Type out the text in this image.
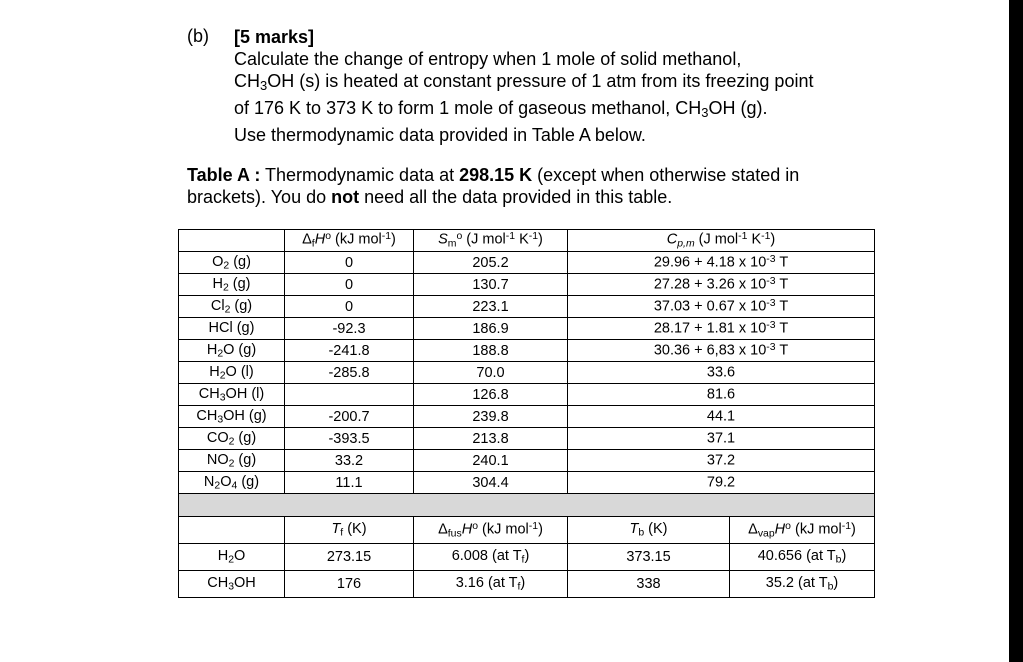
(b) [5 marks]
Calculate the change of entropy when 1 mole of solid methanol,
$CH_3OH$ (s) is heated at constant pressure of 1 atm from its freezing point
of 176 K to 373 K to form 1 mole of gaseous methanol, $CH_3OH$ (g).
Use thermodynamic data provided in Table A below.
Table A : Thermodynamic data at 298.15 K (except when otherwise stated in
brackets). You do not need all the data provided in this table.
	$\Delta_fH^o$ (kJ mol$^{-1}$)	$S_m^o$ (J mol$^{-1}$ $K^{-1}$)	$C_{p,m}$ (J mol$^{-1}$ $K^{-1}$)	
$O_2$ (g)	0	205.2	29.96 + 4.18 x $10^{-3}$ T	
$H_2$ (g)	0	130.7	27.28 + 3.26 x $10^{-3}$ T	
$Cl_2$ (g)	0	223.1	37.03 + 0.67 x $10^{-3}$ T	
HCl (g)	-92.3	186.9	28.17 + 1.81 x $10^{-3}$ T	
$H_2O$ (g)	-241.8	188.8	30.36 + 6,83 x $10^{-3}$ T	
$H_2O$ (l)	-285.8	70.0	33.6	
$CH_3OH$ (l)		126.8	81.6	
$CH_3OH$ (g)	-200.7	239.8	44.1	
$CO_2$ (g)	-393.5	213.8	37.1	
$NO_2$ (g)	33.2	240.1	37.2	
$N_2O_4$ (g)	11.1	304.4	79.2	

	$T_f$ (K)	$\Delta_{fus}H^o$ (kJ mol$^{-1}$)	$T_b$ (K)	$\Delta_{vap}H^o$ (kJ mol$^{-1}$)
$H_2O$	273.15	6.008 (at $T_f$)	373.15	40.656 (at $T_b$)
$CH_3OH$	176	3.16 (at $T_f$)	338	35.2 (at $T_b$)
